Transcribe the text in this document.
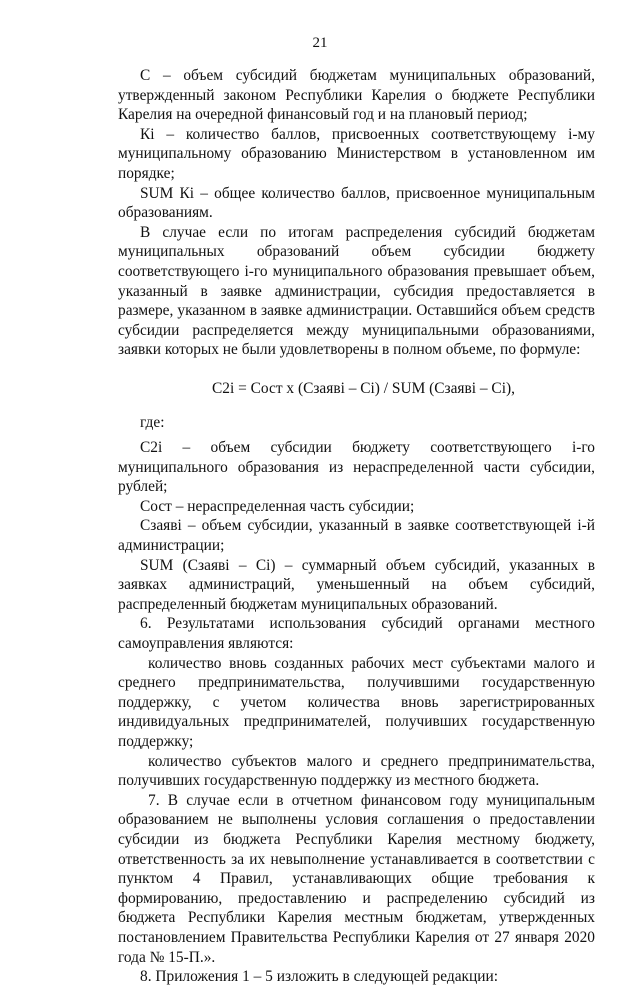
21

С – объем субсидий бюджетам муниципальных образований, утвержденный законом Республики Карелия о бюджете Республики Карелия на очередной финансовый год и на плановый период;

Кi – количество баллов, присвоенных соответствующему i-му муниципальному образованию Министерством в установленном им порядке;

SUM Кi – общее количество баллов, присвоенное муниципальным образованиям.

В случае если по итогам распределения субсидий бюджетам муниципальных образований объем субсидии бюджету соответствующего i-го муниципального образования превышает объем, указанный в заявке администрации, субсидия предоставляется в размере, указанном в заявке администрации. Оставшийся объем средств субсидии распределяется между муниципальными образованиями, заявки которых не были удовлетворены в полном объеме, по формуле:

С2i = Сост x (Сзаявi – Сi) / SUM (Сзаявi – Сi),

где:

С2i – объем субсидии бюджету соответствующего i-го муниципального образования из нераспределенной части субсидии, рублей;

Сост – нераспределенная часть субсидии;

Сзаявi – объем субсидии, указанный в заявке соответствующей i-й администрации;

SUM (Сзаявi – Сi) – суммарный объем субсидий, указанных в заявках администраций, уменьшенный на объем субсидий, распределенный бюджетам муниципальных образований.

6. Результатами использования субсидий органами местного самоуправления являются:

количество вновь созданных рабочих мест субъектами малого и среднего предпринимательства, получившими государственную поддержку, с учетом количества вновь зарегистрированных индивидуальных предпринимателей, получивших государственную поддержку;

количество субъектов малого и среднего предпринимательства, получивших государственную поддержку из местного бюджета.

7. В случае если в отчетном финансовом году муниципальным образованием не выполнены условия соглашения о предоставлении субсидии из бюджета Республики Карелия местному бюджету, ответственность за их невыполнение устанавливается в соответствии с пунктом 4 Правил, устанавливающих общие требования к формированию, предоставлению и распределению субсидий из бюджета Республики Карелия местным бюджетам, утвержденных постановлением Правительства Республики Карелия от 27 января 2020 года № 15-П.».

8. Приложения 1 – 5 изложить в следующей редакции:
